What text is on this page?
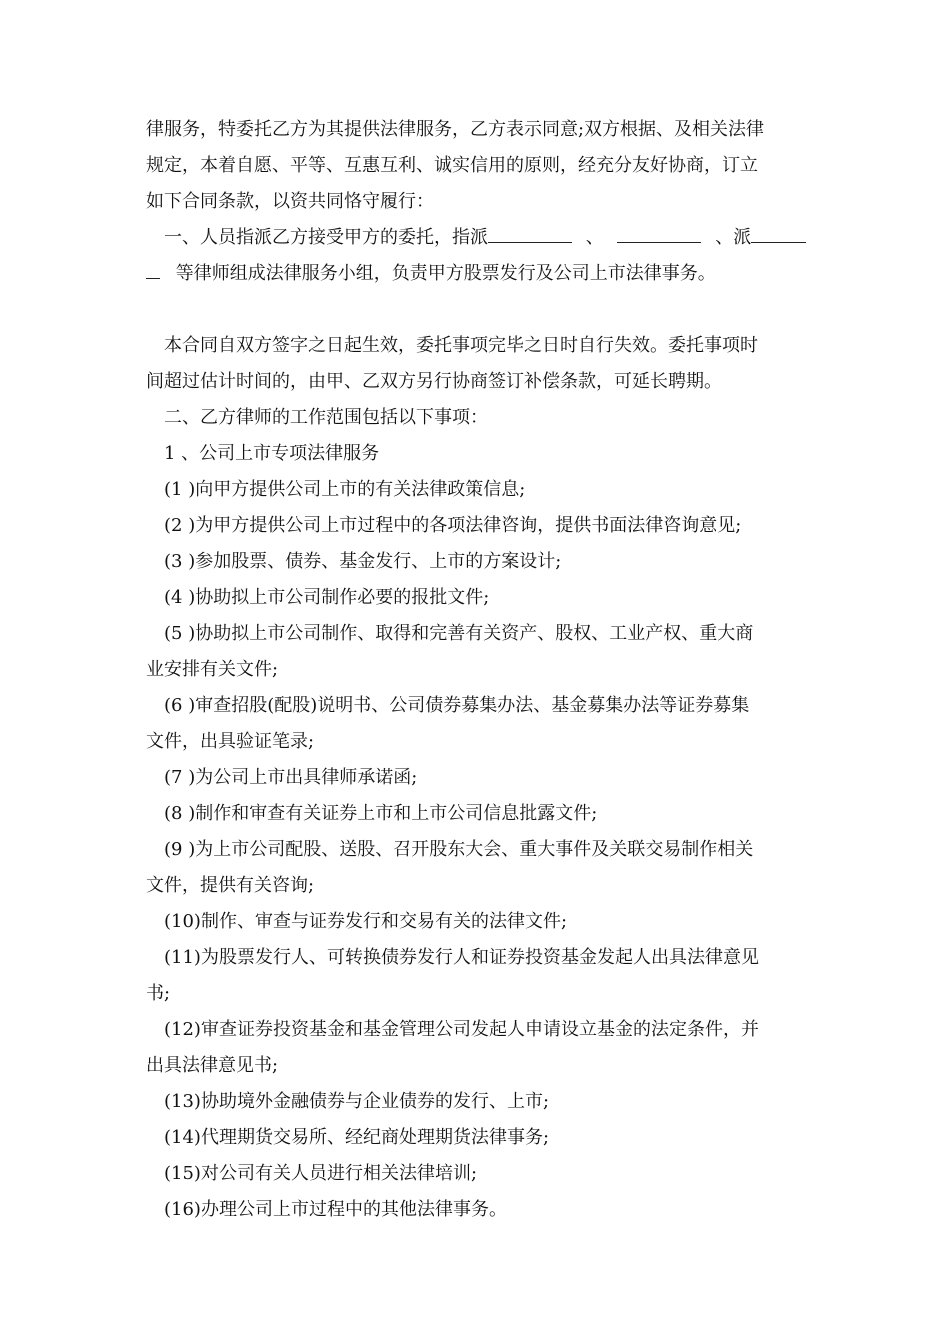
律服务，特委托乙方为其提供法律服务，乙方表示同意;双方根据、及相关法律
规定，本着自愿、平等、互惠互利、诚实信用的原则，经充分友好协商，订立
如下合同条款，以资共同恪守履行：
一、人员指派乙方接受甲方的委托，指派	、	、派
等律师组成法律服务小组，负责甲方股票发行及公司上市法律事务。
本合同自双方签字之日起生效，委托事项完毕之日时自行失效。委托事项时
间超过估计时间的，由甲、乙双方另行协商签订补偿条款，可延长聘期。
二、乙方律师的工作范围包括以下事项：
1 、公司上市专项法律服务
(1 )向甲方提供公司上市的有关法律政策信息;
(2 )为甲方提供公司上市过程中的各项法律咨询，提供书面法律咨询意见;
(3 )参加股票、债券、基金发行、上市的方案设计;
(4 )协助拟上市公司制作必要的报批文件;
(5 )协助拟上市公司制作、取得和完善有关资产、股权、工业产权、重大商
业安排有关文件;
(6 )审查招股(配股)说明书、公司债券募集办法、基金募集办法等证券募集
文件，出具验证笔录;
(7 )为公司上市出具律师承诺函;
(8 )制作和审查有关证券上市和上市公司信息批露文件;
(9 )为上市公司配股、送股、召开股东大会、重大事件及关联交易制作相关
文件，提供有关咨询;
(10)制作、审查与证券发行和交易有关的法律文件;
(11)为股票发行人、可转换债券发行人和证券投资基金发起人出具法律意见
书;
(12)审查证券投资基金和基金管理公司发起人申请设立基金的法定条件，并
出具法律意见书;
(13)协助境外金融债券与企业债券的发行、上市;
(14)代理期货交易所、经纪商处理期货法律事务;
(15)对公司有关人员进行相关法律培训;
(16)办理公司上市过程中的其他法律事务。
